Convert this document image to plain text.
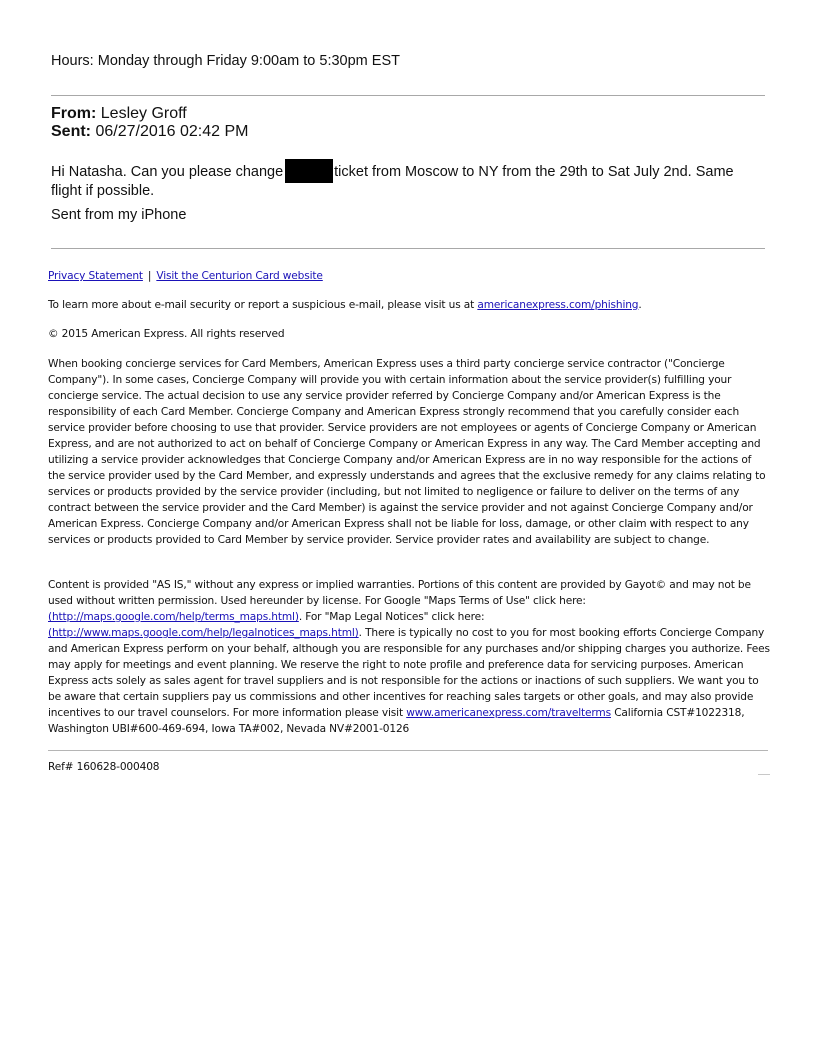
Hours: Monday through Friday 9:00am to 5:30pm EST
From: Lesley Groff
Sent: 06/27/2016 02:42 PM
Hi Natasha. Can you please change	ticket from Moscow to NY from the 29th to Sat July 2nd. Same flight if possible.
Sent from my iPhone
Privacy Statement | Visit the Centurion Card website
To learn more about e-mail security or report a suspicious e-mail, please visit us at americanexpress.com/phishing.
© 2015 American Express. All rights reserved
When booking concierge services for Card Members, American Express uses a third party concierge service contractor ("Concierge Company"). In some cases, Concierge Company will provide you with certain information about the service provider(s) fulfilling your concierge service. The actual decision to use any service provider referred by Concierge Company and/or American Express is the responsibility of each Card Member. Concierge Company and American Express strongly recommend that you carefully consider each service provider before choosing to use that provider. Service providers are not employees or agents of Concierge Company or American Express, and are not authorized to act on behalf of Concierge Company or American Express in any way. The Card Member accepting and utilizing a service provider acknowledges that Concierge Company and/or American Express are in no way responsible for the actions of the service provider used by the Card Member, and expressly understands and agrees that the exclusive remedy for any claims relating to services or products provided by the service provider (including, but not limited to negligence or failure to deliver on the terms of any contract between the service provider and the Card Member) is against the service provider and not against Concierge Company and/or American Express. Concierge Company and/or American Express shall not be liable for loss, damage, or other claim with respect to any services or products provided to Card Member by service provider. Service provider rates and availability are subject to change.
Content is provided "AS IS," without any express or implied warranties. Portions of this content are provided by Gayot© and may not be used without written permission. Used hereunder by license. For Google "Maps Terms of Use" click here: (http://maps.google.com/help/terms_maps.html). For "Map Legal Notices" click here: (http://www.maps.google.com/help/legalnotices_maps.html). There is typically no cost to you for most booking efforts Concierge Company and American Express perform on your behalf, although you are responsible for any purchases and/or shipping charges you authorize. Fees may apply for meetings and event planning. We reserve the right to note profile and preference data for servicing purposes. American Express acts solely as sales agent for travel suppliers and is not responsible for the actions or inactions of such suppliers. We want you to be aware that certain suppliers pay us commissions and other incentives for reaching sales targets or other goals, and may also provide incentives to our travel counselors. For more information please visit www.americanexpress.com/travelterms California CST#1022318, Washington UBI#600-469-694, Iowa TA#002, Nevada NV#2001-0126
Ref# 160628-000408
